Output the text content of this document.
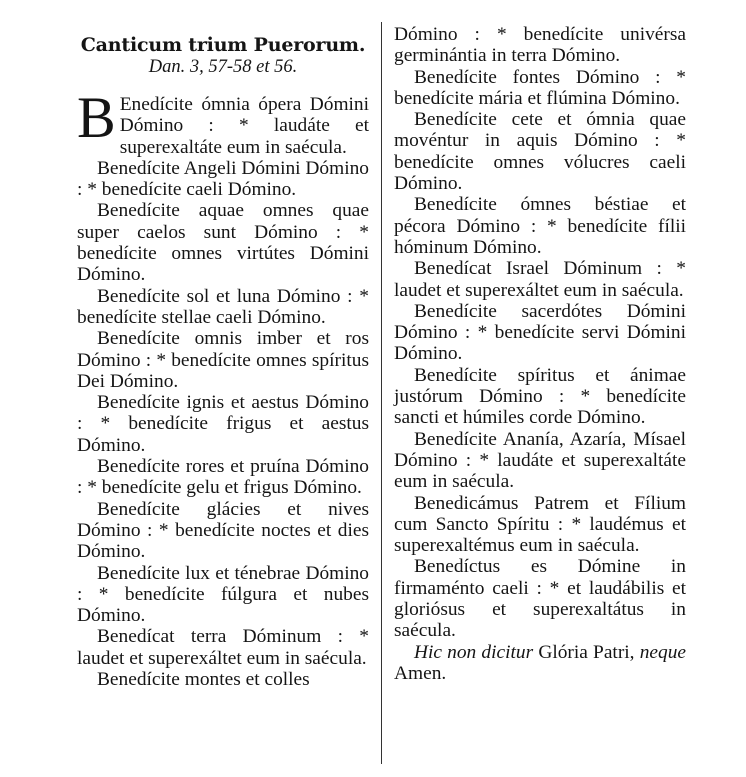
Canticum trium Puerorum.
Dan. 3, 57-58 et 56.

B Enedícite ómnia ópera Dómini Dómino : * laudáte et superexaltáte eum in saécula.

Benedícite Angeli Dómini Dómino : * benedícite caeli Dómino.

Benedícite aquae omnes quae super caelos sunt Dómino : * benedícite omnes virtútes Dómini Dómino.

Benedícite sol et luna Dómino : * benedícite stellae caeli Dómino.

Benedícite omnis imber et ros Dómino : * benedícite omnes spíritus Dei Dómino.

Benedícite ignis et aestus Dómino : * benedícite frigus et aestus Dómino.

Benedícite rores et pruína Dómino : * benedícite gelu et frigus Dómino.

Benedícite glácies et nives Dómino : * benedícite noctes et dies Dómino.

Benedícite lux et ténebrae Dómino : * benedícite fúlgura et nubes Dómino.

Benedícat terra Dóminum : * laudet et superexáltet eum in saécula.

Benedícite montes et colles

Dómino : * benedícite univérsa germinántia in terra Dómino.

Benedícite fontes Dómino : * benedícite mária et flúmina Dómino.

Benedícite cete et ómnia quae movéntur in aquis Dómino : * benedícite omnes vólucres caeli Dómino.

Benedícite ómnes béstiae et pécora Dómino : * benedícite fílii hóminum Dómino.

Benedícat Israel Dóminum : * laudet et superexáltet eum in saécula.

Benedícite sacerdótes Dómini Dómino : * benedícite servi Dómini Dómino.

Benedícite spíritus et ánimae justórum Dómino : * benedícite sancti et húmiles corde Dómino.

Benedícite Ananía, Azaría, Mísael Dómino : * laudáte et superexaltáte eum in saécula.

Benedicámus Patrem et Fílium cum Sancto Spíritu : * laudémus et superexaltémus eum in saécula.

Benedíctus es Dómine in firmaménto caeli : * et laudábilis et gloriósus et superexaltátus in saécula.

Hic non dicitur Glória Patri, neque Amen.
